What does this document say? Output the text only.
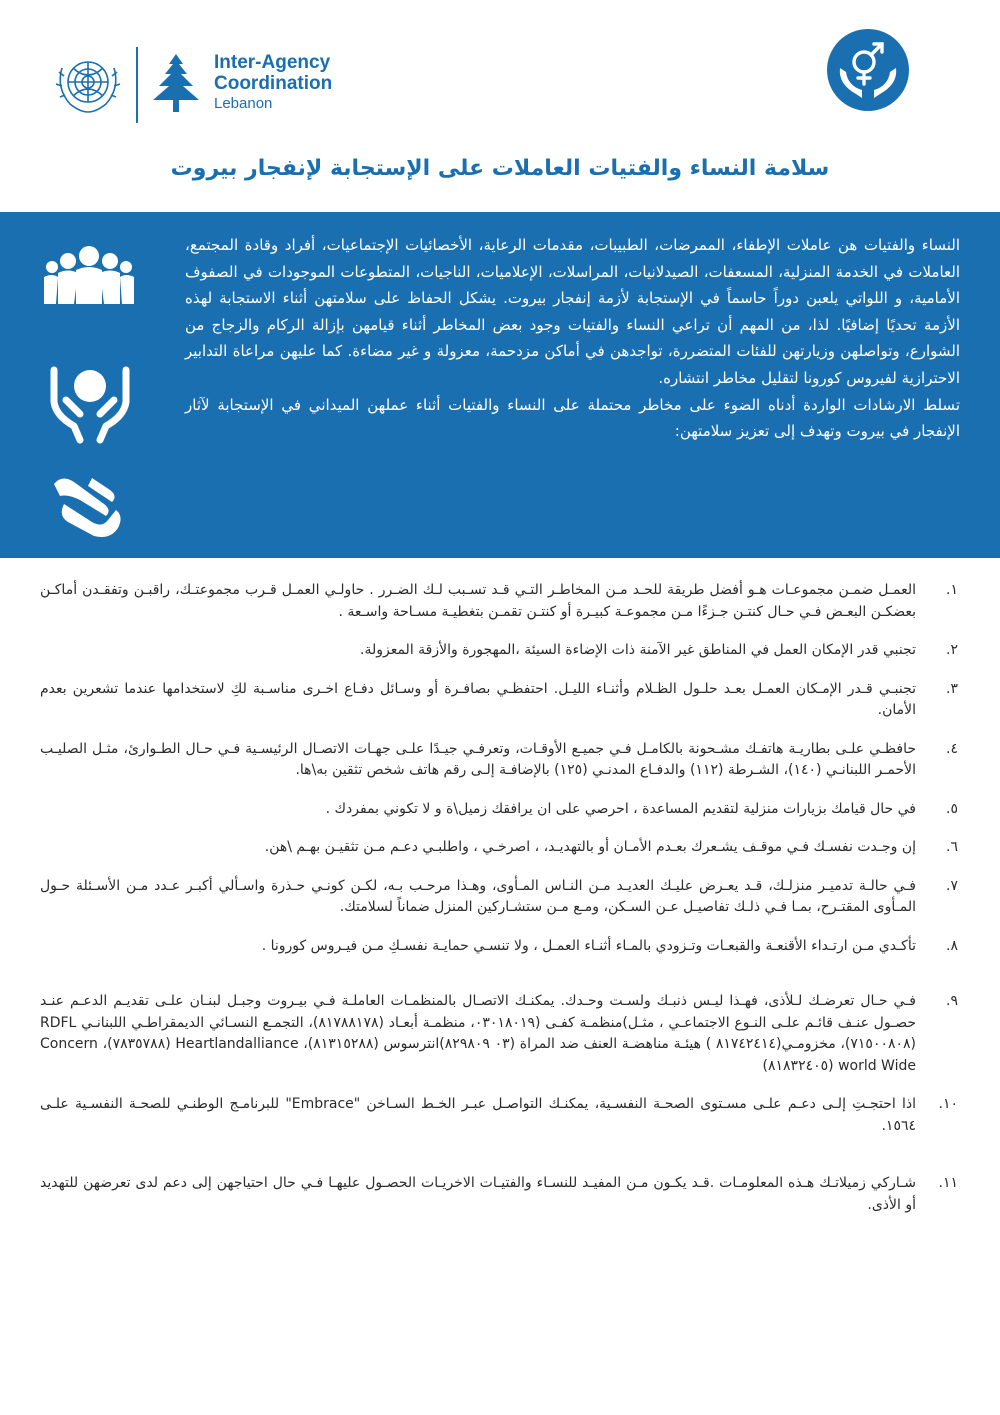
Inter-Agency
Coordination
Lebanon
سلامة النساء والفتيات العاملات على الإستجابة لإنفجار بيروت

النساء والفتيات هن عاملات الإطفاء، الممرضات، الطبيبات، مقدمات الرعاية، الأخصائيات الإجتماعيات، أفراد وقادة المجتمع، العاملات في الخدمة المنزلية، المسعفات، الصيدلانيات، المراسلات، الإعلاميات، الناجيات، المتطوعات الموجودات في الصفوف الأمامية، و اللواتي يلعبن دوراً حاسماً في الإستجابة لأزمة إنفجار بيروت. يشكل الحفاظ على سلامتهن أثناء الاستجابة لهذه الأزمة تحديًا إضافيًا. لذا، من المهم أن تراعي النساء والفتيات وجود بعض المخاطر أثناء قيامهن بإزالة الركام والزجاج من الشوارع، وتواصلهن وزيارتهن للفئات المتضررة، تواجدهن في أماكن مزدحمة، معزولة و غير مضاءة. كما عليهن مراعاة التدابير الاحترازية لفيروس كورونا لتقليل مخاطر انتشاره.

تسلط الارشادات الواردة أدناه الضوء على مخاطر محتملة على النساء والفتيات أثناء عملهن الميداني في الإستجابة لآثار الإنفجار في بيروت وتهدف إلى تعزيز سلامتهن:

١.
العمـل ضمـن مجموعـات هـو أفضل طريقة للحـد مـن المخاطـر التـي قـد تسـبب لـك الضـرر . حاولـي العمـل قـرب مجموعتـك، راقبـن وتفقـدن أماكـن بعضكـن البعـض فـي حـال كنتـن جـزءًا مـن مجموعـة كبيـرة أو كنتـن تقمـن بتغطيـة مسـاحة واسـعة .
٢.
تجنبي قدر الإمكان العمل في المناطق غير الآمنة ذات الإضاءة السيئة ،المهجورة والأزقة المعزولة.
٣.
تجنبـي قـدر الإمـكان العمـل بعـد حلـول الظـلام وأثنـاء الليـل. احتفظـي بصافـرة أو وسـائل دفـاع اخـرى مناسـبة لكِ لاستخدامها عندما تشعرين بعدم الأمان.
٤.
حافظـي علـى بطاريـة هاتفـك مشـحونة بالكامـل فـي جميـع الأوقـات، وتعرفـي جيـدًا علـى جهـات الاتصـال الرئيسـية فـي حـال الطـوارئ، مثـل الصليـب الأحمـر اللبنانـي (١٤٠)، الشـرطة (١١٢) والدفـاع المدنـي (١٢٥) بالإضافـة إلـى رقم هاتف شخص تثقين به\ها.
٥.
في حال قيامك بزيارات منزلية لتقديم المساعدة ، احرصي على ان يرافقك زميل\ة و لا تكوني بمفردك .
٦.
إن وجـدت نفسـك فـي موقـف يشـعرك بعـدم الأمـان أو بالتهديـد، ، اصرخـي ، واطلبـي دعـم مـن تثقيـن بهـم \هن.
٧.
فـي حالـة تدميـر منزلـك، قـد يعـرض عليـك العديـد مـن النـاس المـأوى، وهـذا مرحـب بـه، لكـن كونـي حـذرة واسـألي أكبـر عـدد مـن الأسـئلة حـول المـأوى المقتـرح، بمـا فـي ذلـك تفاصيـل عـن السـكن، ومـع مـن ستشـاركين المنزل ضماناً لسلامتك.
٨.
تأكـدي مـن ارتـداء الأقنعـة والقبعـات وتـزودي بالمـاء أثنـاء العمـل ، ولا تنسـي حمايـة نفسـكِ مـن فيـروس كورونا .
٩.
فـي حـال تعرضـك لـلأذى، فهـذا ليـس ذنبـك ولسـت وحـدك. يمكنـك الاتصـال بالمنظمـات العاملـة فـي بيـروت وجبـل لبنـان علـى تقديـم الدعـم عنـد حصـول عنـف قائـم علـى النـوع الاجتماعـي ، مثـل)منظمـة كفـى (٠٣٠١٨٠١٩، منظمـة أبعـاد (٨١٧٨٨١٧٨)، التجمـع النسـائي الديمقراطـي اللبنانـي RDFL (٧١٥٠٠٨٠٨)، مخزومـي(٨١٧٤٢٤١٤ ) هيئـة مناهضـة العنف ضد المراة (٠٣ ٨٢٩٨٠٩)انترسوس (٨١٣١٥٢٨٨)، Heartlandalliance (٧٨٣٥٧٨٨)، Concern world Wide (٨١٨٣٢٤٠٥)
١٠.
اذا احتجـتِ إلـى دعـم علـى مسـتوى الصحـة النفسـية، يمكنـك التواصـل عبـر الخـط السـاخن "Embrace" للبرنامـج الوطنـي للصحـة النفسـية علـى ١٥٦٤.
١١.
شـاركي زميلاتـك هـذه المعلومـات .قـد يكـون مـن المفيـد للنسـاء والفتيـات الاخريـات الحصـول عليهـا فـي حال احتياجهن إلى دعم لدى تعرضهن للتهديد أو الأذى.
